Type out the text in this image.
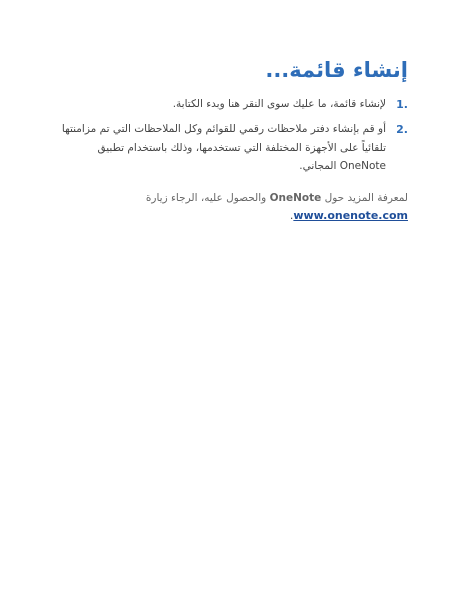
إنشاء قائمة...
1.
لإنشاء قائمة، ما عليك سوى النقر هنا وبدء الكتابة.
2.
أو قم بإنشاء دفتر ملاحظات رقمي للقوائم وكل الملاحظات التي تم مزامنتها تلقائياً على الأجهزة المختلفة التي تستخدمها، وذلك باستخدام تطبيق OneNote المجاني.
لمعرفة المزيد حول OneNote والحصول عليه، الرجاء زيارة
www.onenote.com.
